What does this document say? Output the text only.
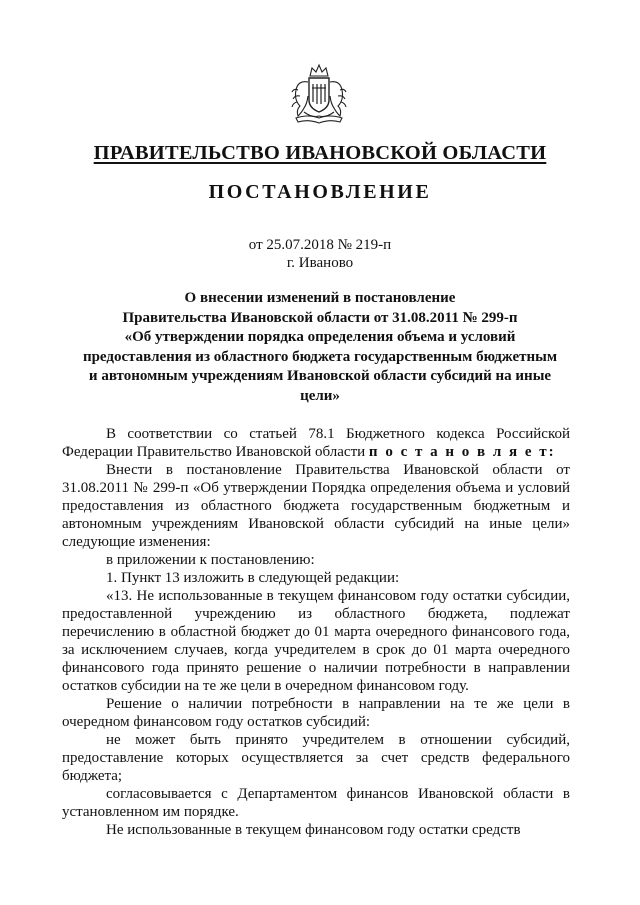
ПРАВИТЕЛЬСТВО ИВАНОВСКОЙ ОБЛАСТИ
ПОСТАНОВЛЕНИЕ
от 25.07.2018 № 219-п
г. Иваново
О внесении изменений в постановление
Правительства Ивановской области от 31.08.2011 № 299-п
«Об утверждении порядка определения объема и условий
предоставления из областного бюджета государственным бюджетным
и автономным учреждениям Ивановской области субсидий на иные
цели»

В соответствии со статьей 78.1 Бюджетного кодекса Российской Федерации Правительство Ивановской области п о с т а н о в л я е т:

Внести в постановление Правительства Ивановской области от 31.08.2011 № 299-п «Об утверждении Порядка определения объема и условий предоставления из областного бюджета государственным бюджетным и автономным учреждениям Ивановской области субсидий на иные цели» следующие изменения:

в приложении к постановлению:

1. Пункт 13 изложить в следующей редакции:

«13. Не использованные в текущем финансовом году остатки субсидии, предоставленной учреждению из областного бюджета, подлежат перечислению в областной бюджет до 01 марта очередного финансового года, за исключением случаев, когда учредителем в срок до 01 марта очередного финансового года принято решение о наличии потребности в направлении остатков субсидии на те же цели в очередном финансовом году.

Решение о наличии потребности в направлении на те же цели в очередном финансовом году остатков субсидий:

не может быть принято учредителем в отношении субсидий, предоставление которых осуществляется за счет средств федерального бюджета;

согласовывается с Департаментом финансов Ивановской области в установленном им порядке.

Не использованные в текущем финансовом году остатки средств
